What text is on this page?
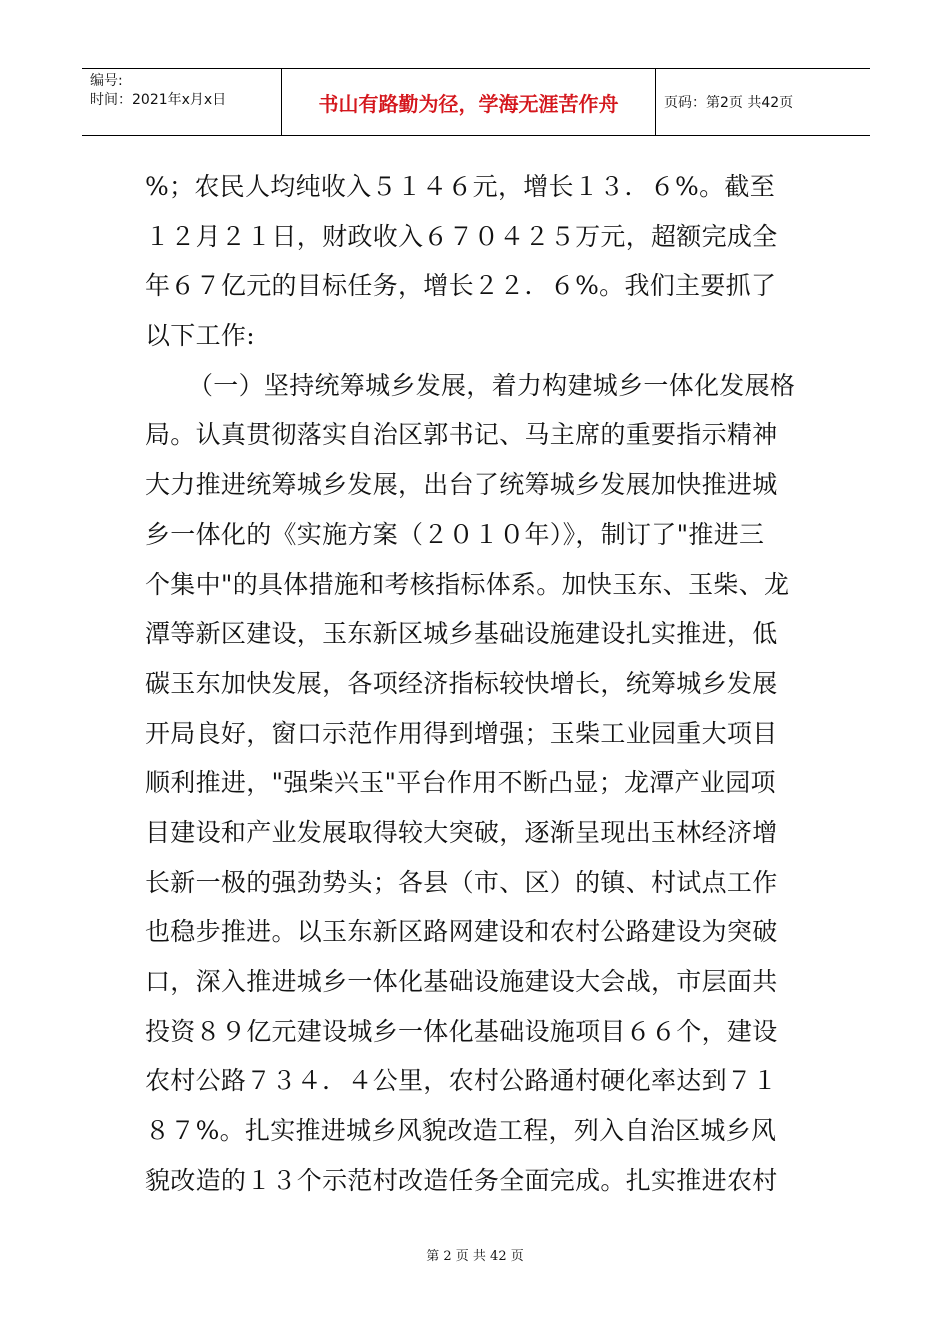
编号:
时间：2021年x月x日	书山有路勤为径，学海无涯苦作舟	页码：第2页 共42页
%；农民人均纯收入５１４６元，增长１３．６%。截至
１２月２１日，财政收入６７０４２５万元，超额完成全
年６７亿元的目标任务，增长２２．６%。我们主要抓了
以下工作:
（一）坚持统筹城乡发展，着力构建城乡一体化发展格
局。认真贯彻落实自治区郭书记、马主席的重要指示精神
大力推进统筹城乡发展，出台了统筹城乡发展加快推进城
乡一体化的《实施方案（２０１０年）》，制订了"推进三
个集中"的具体措施和考核指标体系。加快玉东、玉柴、龙
潭等新区建设，玉东新区城乡基础设施建设扎实推进，低
碳玉东加快发展，各项经济指标较快增长，统筹城乡发展
开局良好，窗口示范作用得到增强；玉柴工业园重大项目
顺利推进，"强柴兴玉"平台作用不断凸显；龙潭产业园项
目建设和产业发展取得较大突破，逐渐呈现出玉林经济增
长新一极的强劲势头；各县（市、区）的镇、村试点工作
也稳步推进。以玉东新区路网建设和农村公路建设为突破
口，深入推进城乡一体化基础设施建设大会战，市层面共
投资８９亿元建设城乡一体化基础设施项目６６个，建设
农村公路７３４．４公里，农村公路通村硬化率达到７１
８７%。扎实推进城乡风貌改造工程，列入自治区城乡风
貌改造的１３个示范村改造任务全面完成。扎实推进农村
第 2 页 共 42 页
